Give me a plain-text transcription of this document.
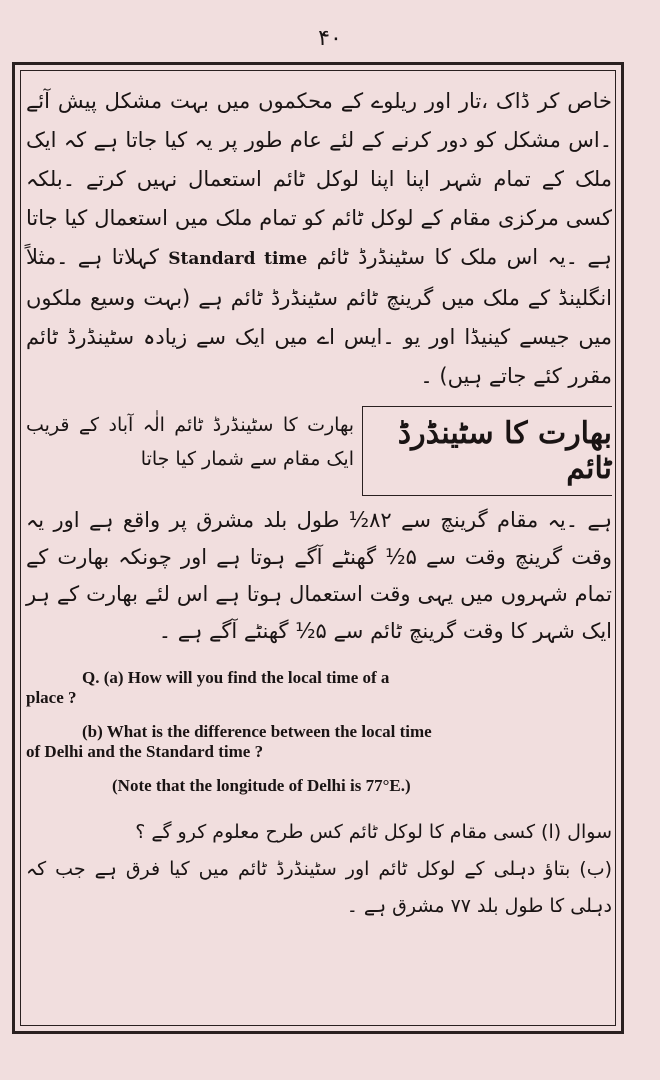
۴۰

خاص کر ڈاک ،تار اور ریلوے کے محکموں میں بہت مشکل پیش آئے ۔اس مشکل کو دور کرنے کے لئے عام طور پر یہ کیا جاتا ہے کہ ایک ملک کے تمام شہر اپنا اپنا لوکل ٹائم استعمال نہیں کرتے ۔بلکہ کسی مرکزی مقام کے لوکل ٹائم کو تمام ملک میں استعمال کیا جاتا ہے ۔یہ اس ملک کا سٹینڈرڈ ٹائم Standard time کہلاتا ہے ۔مثلاً انگلینڈ کے ملک میں گرینچ ٹائم سٹینڈرڈ ٹائم ہے (بہت وسیع ملکوں میں جیسے کینیڈا اور یو ۔ایس اے میں ایک سے زیادہ سٹینڈرڈ ٹائم مقرر کئے جاتے ہیں) ۔

بھارت کا سٹینڈرڈ ٹائم الٰہ آباد کے قریب ایک مقام سے شمار کیا جاتا

بھارت کا سٹینڈرڈ ٹائم

ہے ۔یہ مقام گرینچ سے ۸۲½ طول بلد مشرق پر واقع ہے اور یہ وقت گرینچ وقت سے ۵½ گھنٹے آگے ہوتا ہے اور چونکہ بھارت کے تمام شہروں میں یہی وقت استعمال ہوتا ہے اس لئے بھارت کے ہر ایک شہر کا وقت گرینچ ٹائم سے ۵½ گھنٹے آگے ہے ۔

Q. (a) How will you find the local time of a

place ?

(b) What is the difference between the local time

of Delhi and the Standard time ?

(Note that the longitude of Delhi is 77°E.)

سوال (ا) کسی مقام کا لوکل ٹائم کس طرح معلوم کرو گے ؟

(ب) بتاؤ دہلی کے لوکل ٹائم اور سٹینڈرڈ ٹائم میں کیا فرق ہے جب کہ دہلی کا طول بلد ۷۷ مشرق ہے ۔
